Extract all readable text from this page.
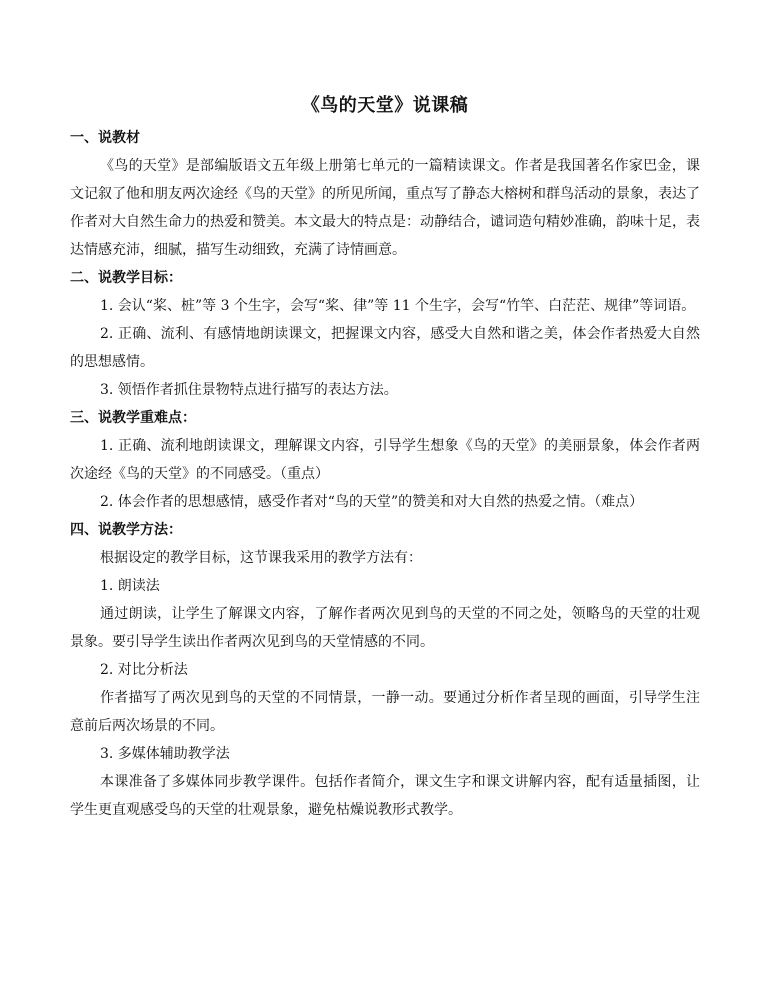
《鸟的天堂》说课稿
一、说教材

《鸟的天堂》是部编版语文五年级上册第七单元的一篇精读课文。作者是我国著名作家巴金，课文记叙了他和朋友两次途经《鸟的天堂》的所见所闻，重点写了静态大榕树和群鸟活动的景象，表达了作者对大自然生命力的热爱和赞美。本文最大的特点是：动静结合，谴词造句精妙准确，韵味十足，表达情感充沛，细腻，描写生动细致，充满了诗情画意。

二、说教学目标：

1. 会认“桨、桩”等 3 个生字，会写“桨、律”等 11 个生字，会写“竹竿、白茫茫、规律”等词语。

2. 正确、流利、有感情地朗读课文，把握课文内容，感受大自然和谐之美，体会作者热爱大自然的思想感情。

3. 领悟作者抓住景物特点进行描写的表达方法。

三、说教学重难点：

1. 正确、流利地朗读课文，理解课文内容，引导学生想象《鸟的天堂》的美丽景象，体会作者两次途经《鸟的天堂》的不同感受。（重点）

2. 体会作者的思想感情，感受作者对“鸟的天堂”的赞美和对大自然的热爱之情。（难点）

四、说教学方法：

根据设定的教学目标，这节课我采用的教学方法有：

1. 朗读法

通过朗读，让学生了解课文内容，了解作者两次见到鸟的天堂的不同之处，领略鸟的天堂的壮观景象。要引导学生读出作者两次见到鸟的天堂情感的不同。

2. 对比分析法

作者描写了两次见到鸟的天堂的不同情景，一静一动。要通过分析作者呈现的画面，引导学生注意前后两次场景的不同。

3. 多媒体辅助教学法

本课准备了多媒体同步教学课件。包括作者简介，课文生字和课文讲解内容，配有适量插图，让学生更直观感受鸟的天堂的壮观景象，避免枯燥说教形式教学。
